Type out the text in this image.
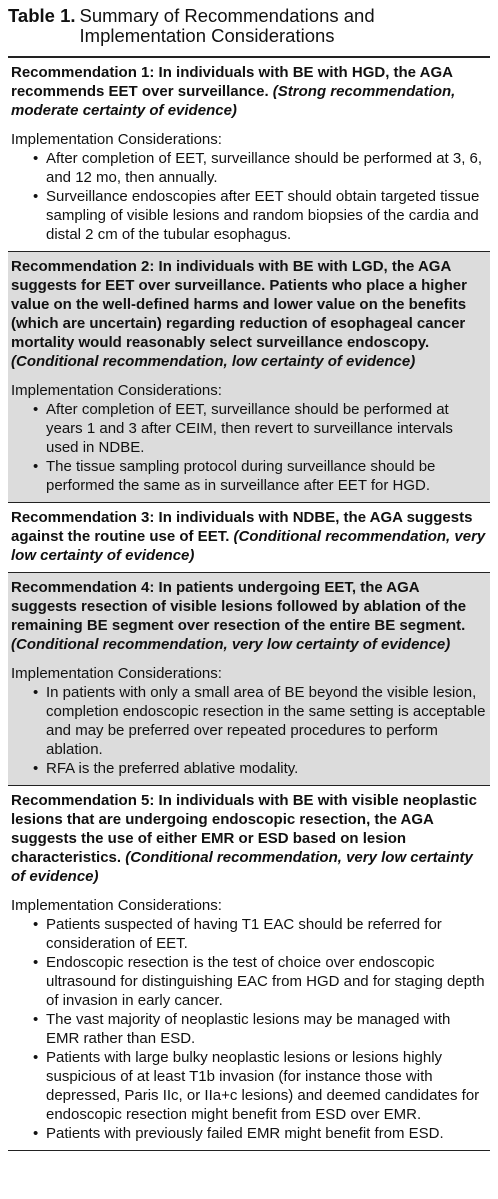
Table 1. Summary of Recommendations and Implementation Considerations

Recommendation 1: In individuals with BE with HGD, the AGA recommends EET over surveillance. (Strong recommendation, moderate certainty of evidence)

Implementation Considerations:
• After completion of EET, surveillance should be performed at 3, 6, and 12 mo, then annually.
• Surveillance endoscopies after EET should obtain targeted tissue sampling of visible lesions and random biopsies of the cardia and distal 2 cm of the tubular esophagus.

Recommendation 2: In individuals with BE with LGD, the AGA suggests for EET over surveillance. Patients who place a higher value on the well-defined harms and lower value on the benefits (which are uncertain) regarding reduction of esophageal cancer mortality would reasonably select surveillance endoscopy. (Conditional recommendation, low certainty of evidence)

Implementation Considerations:
• After completion of EET, surveillance should be performed at years 1 and 3 after CEIM, then revert to surveillance intervals used in NDBE.
• The tissue sampling protocol during surveillance should be performed the same as in surveillance after EET for HGD.

Recommendation 3: In individuals with NDBE, the AGA suggests against the routine use of EET. (Conditional recommendation, very low certainty of evidence)

Recommendation 4: In patients undergoing EET, the AGA suggests resection of visible lesions followed by ablation of the remaining BE segment over resection of the entire BE segment. (Conditional recommendation, very low certainty of evidence)

Implementation Considerations:
• In patients with only a small area of BE beyond the visible lesion, completion endoscopic resection in the same setting is acceptable and may be preferred over repeated procedures to perform ablation.
• RFA is the preferred ablative modality.

Recommendation 5: In individuals with BE with visible neoplastic lesions that are undergoing endoscopic resection, the AGA suggests the use of either EMR or ESD based on lesion characteristics. (Conditional recommendation, very low certainty of evidence)

Implementation Considerations:
• Patients suspected of having T1 EAC should be referred for consideration of EET.
• Endoscopic resection is the test of choice over endoscopic ultrasound for distinguishing EAC from HGD and for staging depth of invasion in early cancer.
• The vast majority of neoplastic lesions may be managed with EMR rather than ESD.
• Patients with large bulky neoplastic lesions or lesions highly suspicious of at least T1b invasion (for instance those with depressed, Paris IIc, or IIa+c lesions) and deemed candidates for endoscopic resection might benefit from ESD over EMR.
• Patients with previously failed EMR might benefit from ESD.
